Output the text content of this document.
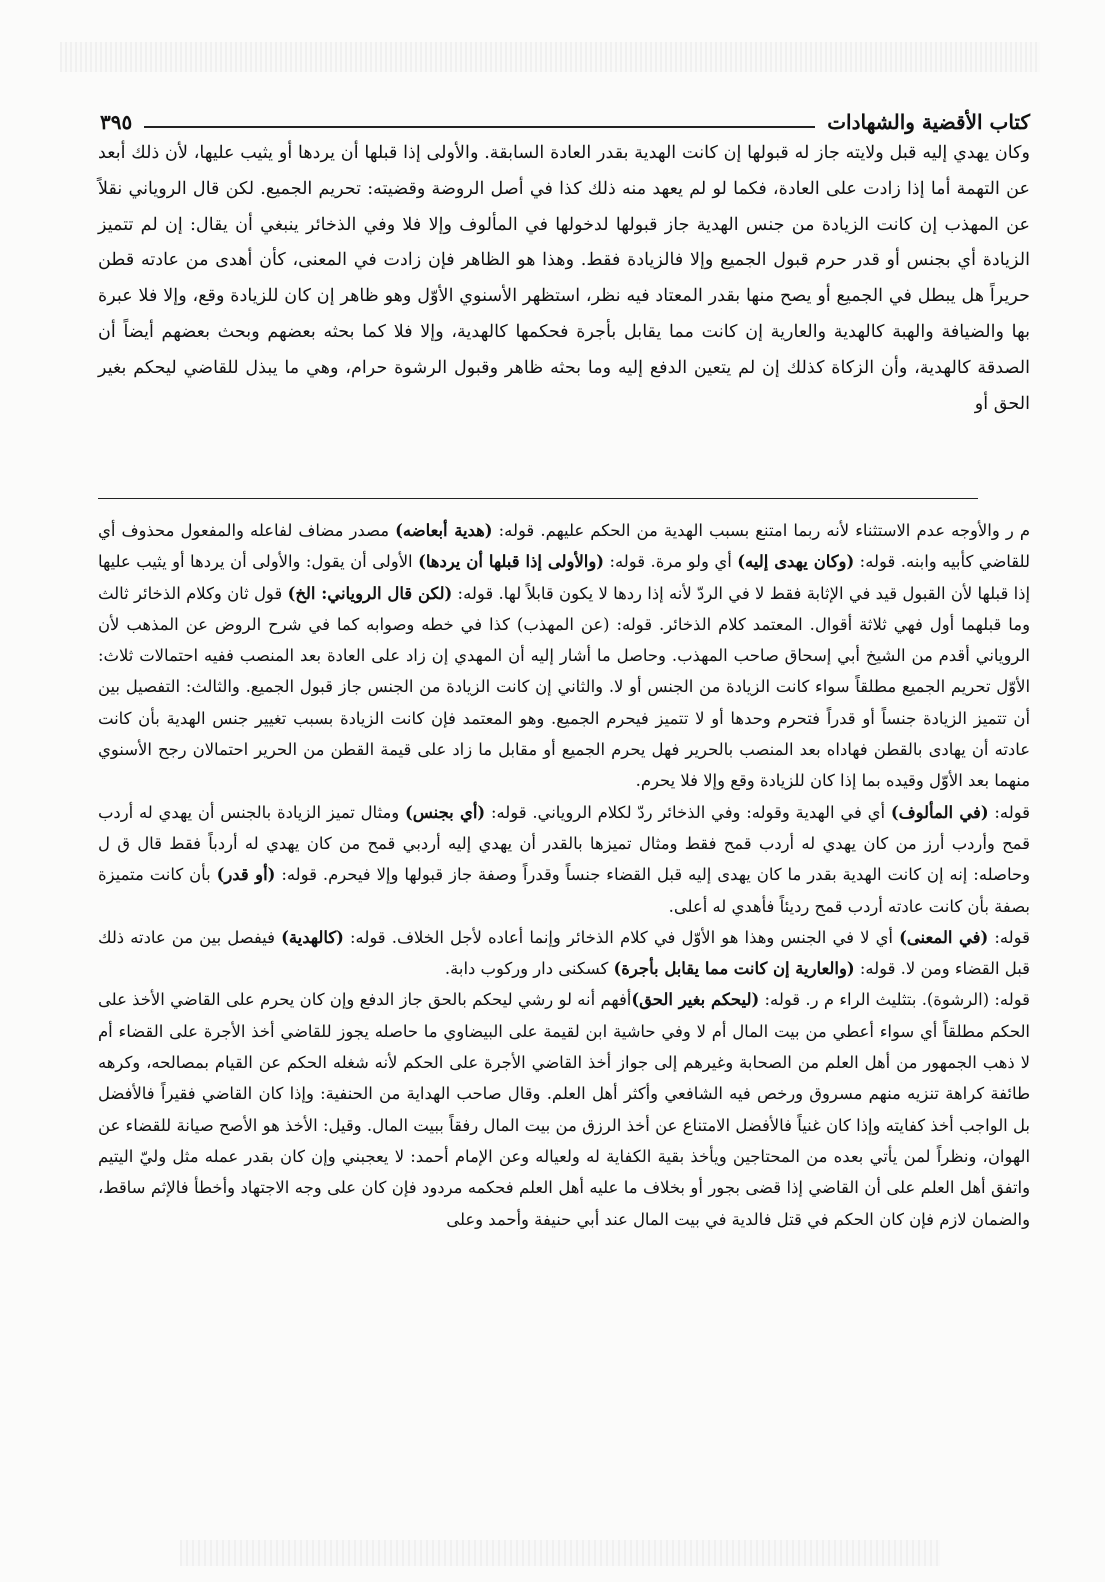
كتاب الأقضية والشهادات
٣٩٥

وكان يهدي إليه قبل ولايته جاز له قبولها إن كانت الهدية بقدر العادة السابقة. والأولى إذا قبلها أن يردها أو يثيب عليها، لأن ذلك أبعد عن التهمة أما إذا زادت على العادة، فكما لو لم يعهد منه ذلك كذا في أصل الروضة وقضيته: تحريم الجميع. لكن قال الروياني نقلاً عن المهذب إن كانت الزيادة من جنس الهدية جاز قبولها لدخولها في المألوف وإلا فلا وفي الذخائر ينبغي أن يقال: إن لم تتميز الزيادة أي بجنس أو قدر حرم قبول الجميع وإلا فالزيادة فقط. وهذا هو الظاهر فإن زادت في المعنى، كأن أهدى من عادته قطن حريراً هل يبطل في الجميع أو يصح منها بقدر المعتاد فيه نظر، استظهر الأسنوي الأوّل وهو ظاهر إن كان للزيادة وقع، وإلا فلا عبرة بها والضيافة والهبة كالهدية والعارية إن كانت مما يقابل بأجرة فحكمها كالهدية، وإلا فلا كما بحثه بعضهم وبحث بعضهم أيضاً أن الصدقة كالهدية، وأن الزكاة كذلك إن لم يتعين الدفع إليه وما بحثه ظاهر وقبول الرشوة حرام، وهي ما يبذل للقاضي ليحكم بغير الحق أو

م ر والأوجه عدم الاستثناء لأنه ربما امتنع بسبب الهدية من الحكم عليهم. قوله: (هدية أبعاضه) مصدر مضاف لفاعله والمفعول محذوف أي للقاضي كأبيه وابنه. قوله: (وكان يهدى إليه) أي ولو مرة. قوله: (والأولى إذا قبلها أن يردها) الأولى أن يقول: والأولى أن يردها أو يثيب عليها إذا قبلها لأن القبول قيد في الإثابة فقط لا في الردّ لأنه إذا ردها لا يكون قابلاً لها. قوله: (لكن قال الروياني: الخ) قول ثان وكلام الذخائر ثالث وما قبلهما أول فهي ثلاثة أقوال. المعتمد كلام الذخائر. قوله: (عن المهذب) كذا في خطه وصوابه كما في شرح الروض عن المذهب لأن الروياني أقدم من الشيخ أبي إسحاق صاحب المهذب. وحاصل ما أشار إليه أن المهدي إن زاد على العادة بعد المنصب ففيه احتمالات ثلاث: الأوّل تحريم الجميع مطلقاً سواء كانت الزيادة من الجنس أو لا. والثاني إن كانت الزيادة من الجنس جاز قبول الجميع. والثالث: التفصيل بين أن تتميز الزيادة جنساً أو قدراً فتحرم وحدها أو لا تتميز فيحرم الجميع. وهو المعتمد فإن كانت الزيادة بسبب تغيير جنس الهدية بأن كانت عادته أن يهادى بالقطن فهاداه بعد المنصب بالحرير فهل يحرم الجميع أو مقابل ما زاد على قيمة القطن من الحرير احتمالان رجح الأسنوي منهما بعد الأوّل وقيده بما إذا كان للزيادة وقع وإلا فلا يحرم.

قوله: (في المألوف) أي في الهدية وقوله: وفي الذخائر ردّ لكلام الروياني. قوله: (أي بجنس) ومثال تميز الزيادة بالجنس أن يهدي له أردب قمح وأردب أرز من كان يهدي له أردب قمح فقط ومثال تميزها بالقدر أن يهدي إليه أردبي قمح من كان يهدي له أردباً فقط قال ق ل وحاصله: إنه إن كانت الهدية بقدر ما كان يهدى إليه قبل القضاء جنساً وقدراً وصفة جاز قبولها وإلا فيحرم. قوله: (أو قدر) بأن كانت متميزة بصفة بأن كانت عادته أردب قمح رديئاً فأهدي له أعلى.

قوله: (في المعنى) أي لا في الجنس وهذا هو الأوّل في كلام الذخائر وإنما أعاده لأجل الخلاف. قوله: (كالهدية) فيفصل بين من عادته ذلك قبل القضاء ومن لا. قوله: (والعارية إن كانت مما يقابل بأجرة) كسكنى دار وركوب دابة.

قوله: (الرشوة). بتثليث الراء م ر. قوله: (ليحكم بغير الحق)أفهم أنه لو رشي ليحكم بالحق جاز الدفع وإن كان يحرم على القاضي الأخذ على الحكم مطلقاً أي سواء أعطي من بيت المال أم لا وفي حاشية ابن لقيمة على البيضاوي ما حاصله يجوز للقاضي أخذ الأجرة على القضاء أم لا ذهب الجمهور من أهل العلم من الصحابة وغيرهم إلى جواز أخذ القاضي الأجرة على الحكم لأنه شغله الحكم عن القيام بمصالحه، وكرهه طائفة كراهة تنزيه منهم مسروق ورخص فيه الشافعي وأكثر أهل العلم. وقال صاحب الهداية من الحنفية: وإذا كان القاضي فقيراً فالأفضل بل الواجب أخذ كفايته وإذا كان غنياً فالأفضل الامتناع عن أخذ الرزق من بيت المال رفقاً ببيت المال. وقيل: الأخذ هو الأصح صيانة للقضاء عن الهوان، ونظراً لمن يأتي بعده من المحتاجين ويأخذ بقية الكفاية له ولعياله وعن الإمام أحمد: لا يعجبني وإن كان بقدر عمله مثل وليّ اليتيم واتفق أهل العلم على أن القاضي إذا قضى بجور أو بخلاف ما عليه أهل العلم فحكمه مردود فإن كان على وجه الاجتهاد وأخطأ فالإثم ساقط، والضمان لازم فإن كان الحكم في قتل فالدية في بيت المال عند أبي حنيفة وأحمد وعلى
